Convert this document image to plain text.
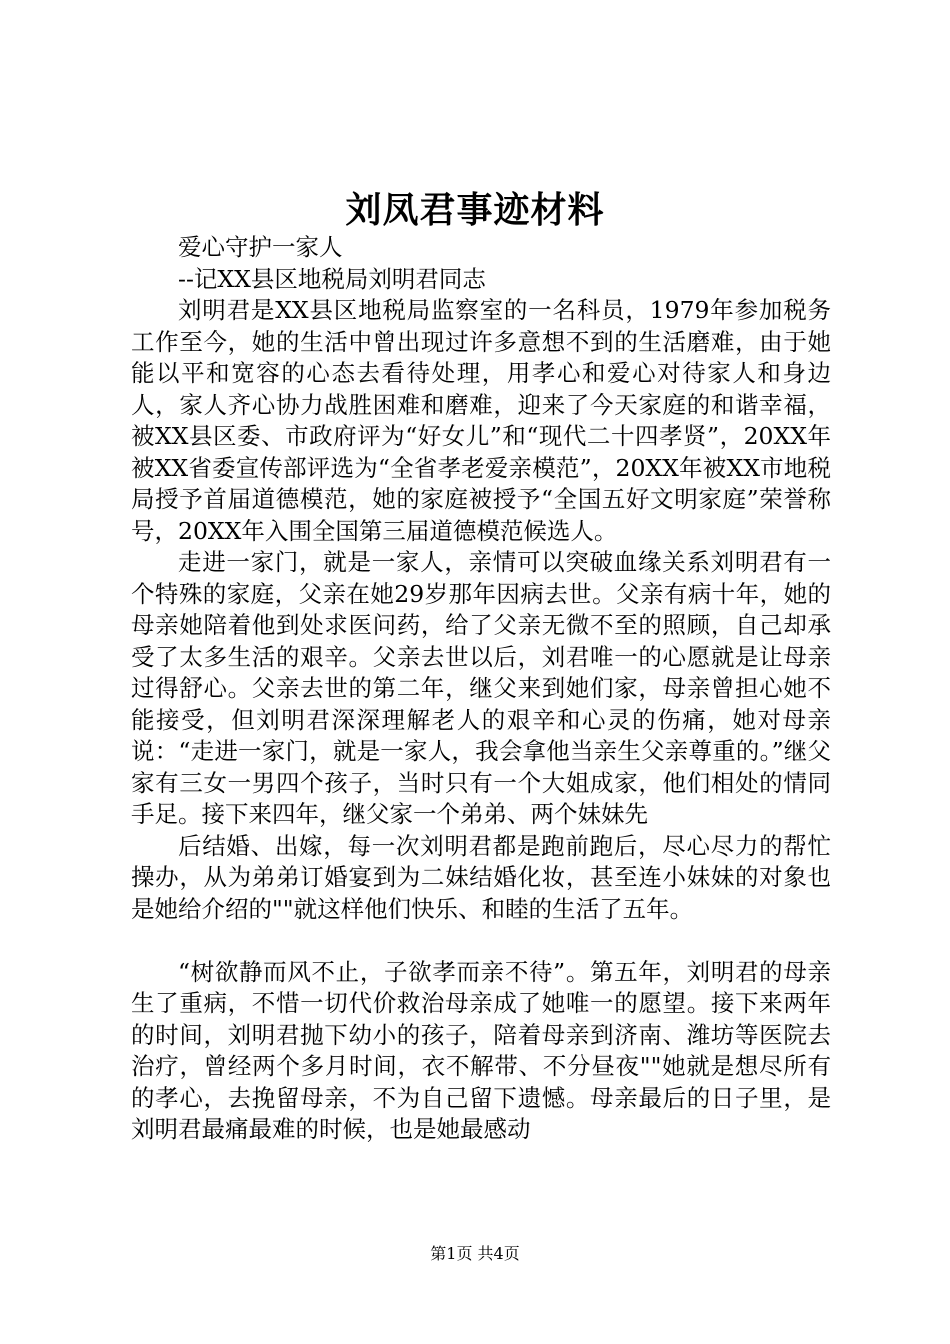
刘凤君事迹材料

爱心守护一家人

--记XX县区地税局刘明君同志

刘明君是XX县区地税局监察室的一名科员，1979年参加税务工作至今，她的生活中曾出现过许多意想不到的生活磨难，由于她能以平和宽容的心态去看待处理，用孝心和爱心对待家人和身边人，家人齐心协力战胜困难和磨难，迎来了今天家庭的和谐幸福，被XX县区委、市政府评为“好女儿”和“现代二十四孝贤”，20XX年被XX省委宣传部评选为“全省孝老爱亲模范”，20XX年被XX市地税局授予首届道德模范，她的家庭被授予“全国五好文明家庭”荣誉称号，20XX年入围全国第三届道德模范候选人。

走进一家门，就是一家人，亲情可以突破血缘关系刘明君有一个特殊的家庭，父亲在她29岁那年因病去世。父亲有病十年，她的母亲她陪着他到处求医问药，给了父亲无微不至的照顾，自己却承受了太多生活的艰辛。父亲去世以后，刘君唯一的心愿就是让母亲过得舒心。父亲去世的第二年，继父来到她们家，母亲曾担心她不能接受，但刘明君深深理解老人的艰辛和心灵的伤痛，她对母亲说：“走进一家门，就是一家人，我会拿他当亲生父亲尊重的。”继父家有三女一男四个孩子，当时只有一个大姐成家，他们相处的情同手足。接下来四年，继父家一个弟弟、两个妹妹先

后结婚、出嫁，每一次刘明君都是跑前跑后，尽心尽力的帮忙操办，从为弟弟订婚宴到为二妹结婚化妆，甚至连小妹妹的对象也是她给介绍的""就这样他们快乐、和睦的生活了五年。

“树欲静而风不止，子欲孝而亲不待”。第五年，刘明君的母亲生了重病，不惜一切代价救治母亲成了她唯一的愿望。接下来两年的时间，刘明君抛下幼小的孩子，陪着母亲到济南、潍坊等医院去治疗，曾经两个多月时间，衣不解带、不分昼夜""她就是想尽所有的孝心，去挽留母亲，不为自己留下遗憾。母亲最后的日子里，是刘明君最痛最难的时候，也是她最感动

第1页 共4页
